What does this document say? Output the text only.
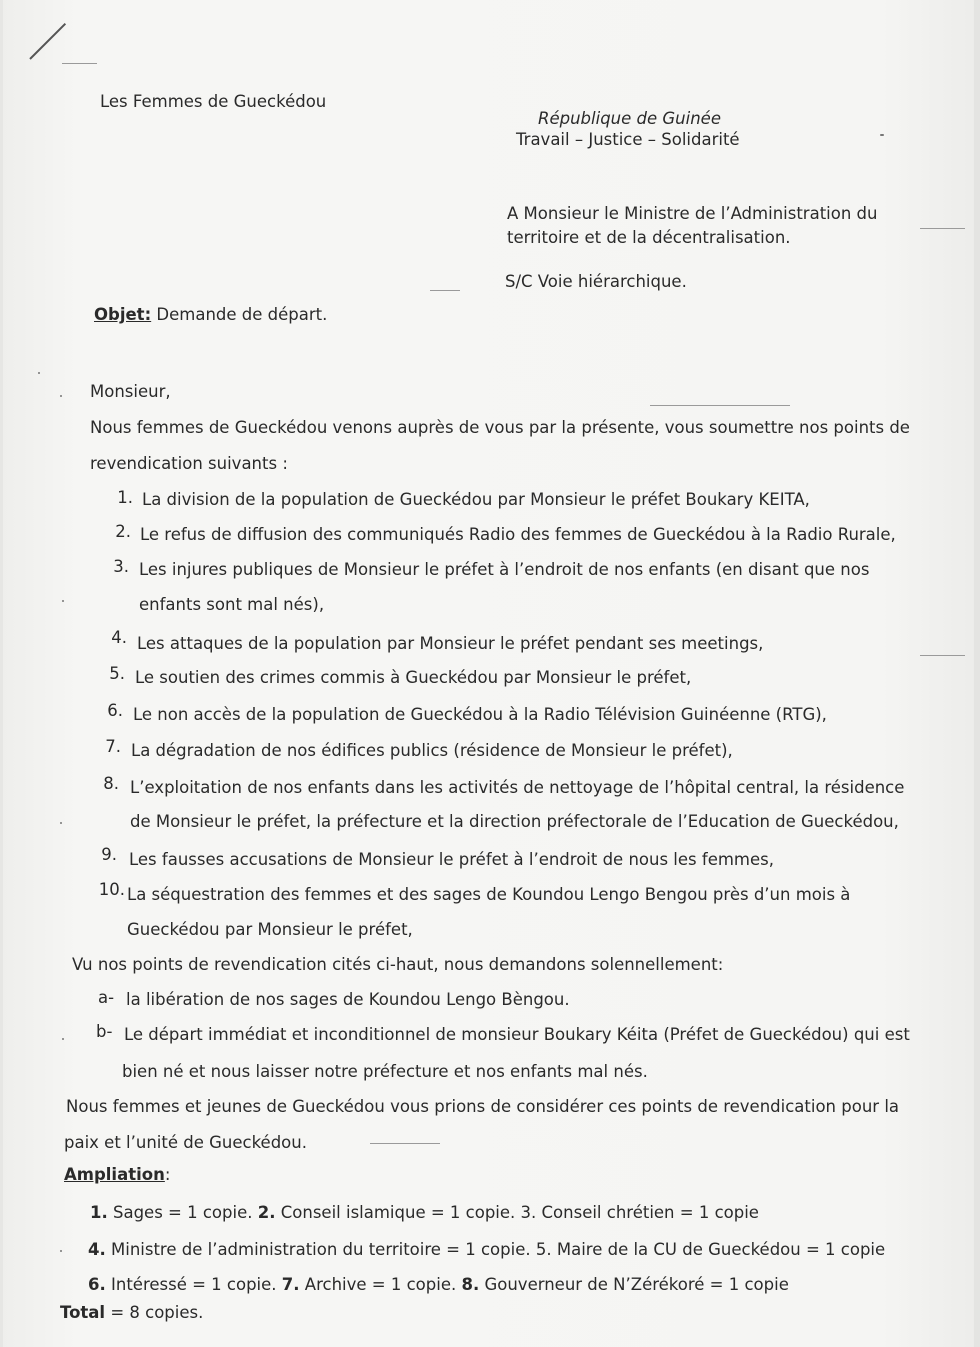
Les Femmes de Gueckédou
République de Guinée
Travail – Justice – Solidarité
A Monsieur le Ministre de l’Administration du
territoire et de la décentralisation.
S/C Voie hiérarchique.
Objet: Demande de départ.
Monsieur,
Nous femmes de Gueckédou venons auprès de vous par la présente, vous soumettre nos points de
revendication suivants :
1. La division de la population de Gueckédou par Monsieur le préfet Boukary KEITA,
2. Le refus de diffusion des communiqués Radio des femmes de Gueckédou à la Radio Rurale,
3. Les injures publiques de Monsieur le préfet à l’endroit de nos enfants (en disant que nos
enfants sont mal nés),
4. Les attaques de la population par Monsieur le préfet pendant ses meetings,
5. Le soutien des crimes commis à Gueckédou par Monsieur le préfet,
6. Le non accès de la population de Gueckédou à la Radio Télévision Guinéenne (RTG),
7. La dégradation de nos édifices publics (résidence de Monsieur le préfet),
8. L’exploitation de nos enfants dans les activités de nettoyage de l’hôpital central, la résidence
de Monsieur le préfet, la préfecture et la direction préfectorale de l’Education de Gueckédou,
9. Les fausses accusations de Monsieur le préfet à l’endroit de nous les femmes,
10. La séquestration des femmes et des sages de Koundou Lengo Bengou près d’un mois à
Gueckédou par Monsieur le préfet,
Vu nos points de revendication cités ci-haut, nous demandons solennellement:
a- la libération de nos sages de Koundou Lengo Bèngou.
b- Le départ immédiat et inconditionnel de monsieur Boukary Kéita (Préfet de Gueckédou) qui est
bien né et nous laisser notre préfecture et nos enfants mal nés.
Nous femmes et jeunes de Gueckédou vous prions de considérer ces points de revendication pour la
paix et l’unité de Gueckédou.
Ampliation:
1. Sages = 1 copie. 2. Conseil islamique = 1 copie. 3. Conseil chrétien = 1 copie
4. Ministre de l’administration du territoire = 1 copie. 5. Maire de la CU de Gueckédou = 1 copie
6. Intéressé = 1 copie. 7. Archive = 1 copie. 8. Gouverneur de N’Zérékoré = 1 copie
Total = 8 copies.
